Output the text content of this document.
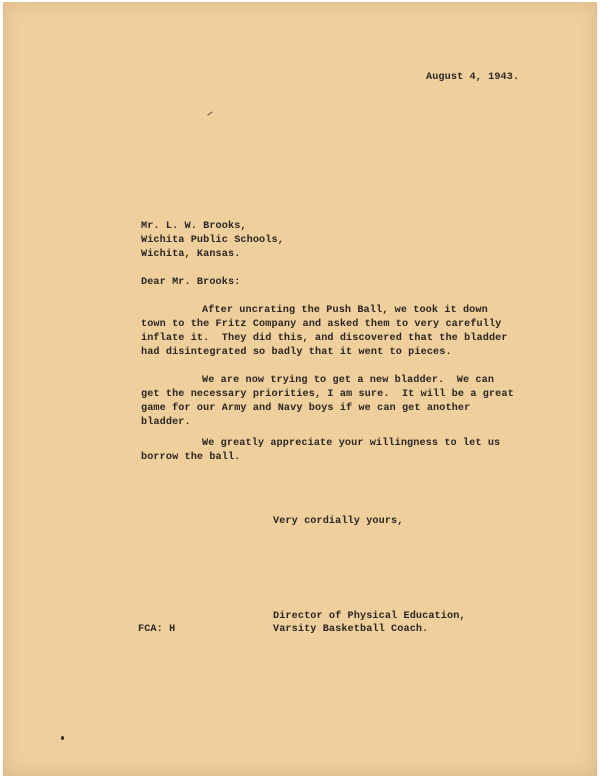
August 4, 1943.
Mr. L. W. Brooks,
Wichita Public Schools,
Wichita, Kansas.
Dear Mr. Brooks:
After uncrating the Push Ball, we took it down
town to the Fritz Company and asked them to very carefully
inflate it.  They did this, and discovered that the bladder
had disintegrated so badly that it went to pieces.
We are now trying to get a new bladder.  We can
get the necessary priorities, I am sure.  It will be a great
game for our Army and Navy boys if we can get another
bladder.
We greatly appreciate your willingness to let us
borrow the ball.
Very cordially yours,
Director of Physical Education,
Varsity Basketball Coach.
FCA: H
